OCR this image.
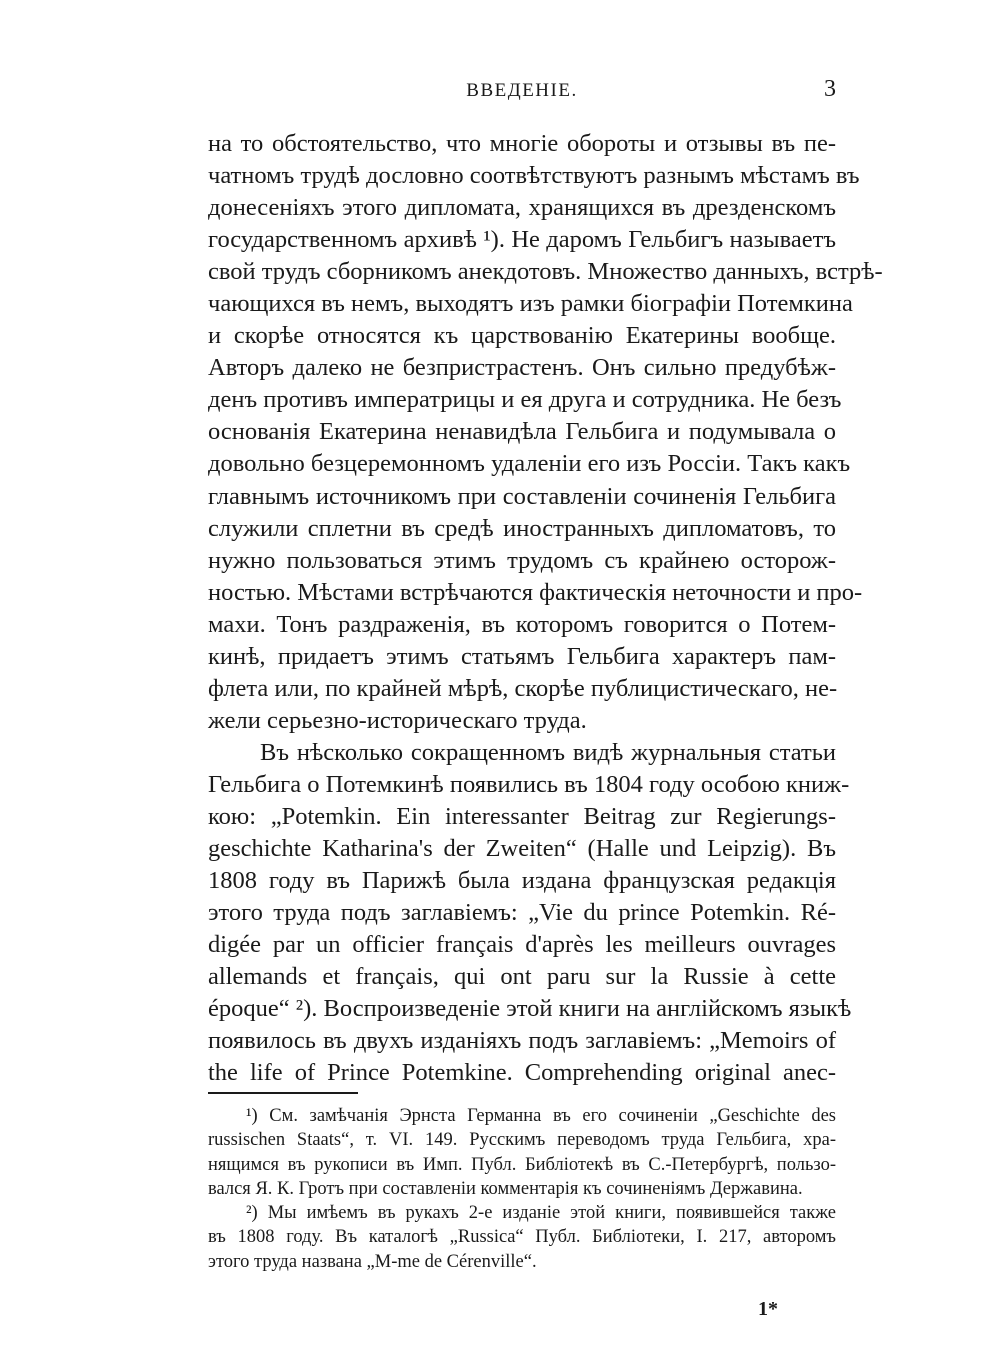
ВВЕДЕНІЕ.	3
на то обстоятельство, что многіе обороты и отзывы въ пе-
чатномъ трудѣ дословно соотвѣтствуютъ разнымъ мѣстамъ въ
донесеніяхъ этого дипломата, хранящихся въ дрезденскомъ
государственномъ архивѣ ¹). Не даромъ Гельбигъ называетъ
свой трудъ сборникомъ анекдотовъ. Множество данныхъ, встрѣ-
чающихся въ немъ, выходятъ изъ рамки біографіи Потемкина
и скорѣе относятся къ царствованію Екатерины вообще.
Авторъ далеко не безпристрастенъ. Онъ сильно предубѣж-
денъ противъ императрицы и ея друга и сотрудника. Не безъ
основанія Екатерина ненавидѣла Гельбига и подумывала о
довольно безцеремонномъ удаленіи его изъ Россіи. Такъ какъ
главнымъ источникомъ при составленіи сочиненія Гельбига
служили сплетни въ средѣ иностранныхъ дипломатовъ, то
нужно пользоваться этимъ трудомъ съ крайнею осторож-
ностью. Мѣстами встрѣчаются фактическія неточности и про-
махи. Тонъ раздраженія, въ которомъ говорится о Потем-
кинѣ, придаетъ этимъ статьямъ Гельбига характеръ пам-
флета или, по крайней мѣрѣ, скорѣе публицистическаго, не-
жели серьезно-историческаго труда.
Въ нѣсколько сокращенномъ видѣ журнальныя статьи
Гельбига о Потемкинѣ появились въ 1804 году особою книж-
кою: „Potemkin. Ein interessanter Beitrag zur Regierungs-
geschichte Katharina's der Zweiten“ (Halle und Leipzig). Въ
1808 году въ Парижѣ была издана французская редакція
этого труда подъ заглавіемъ: „Vie du prince Potemkin. Ré-
digée par un officier français d'après les meilleurs ouvrages
allemands et français, qui ont paru sur la Russie à cette
époque“ ²). Воспроизведеніе этой книги на англійскомъ языкѣ
появилось въ двухъ изданіяхъ подъ заглавіемъ: „Memoirs of
the life of Prince Potemkine. Comprehending original anec-
¹) См. замѣчанія Эрнста Германна въ его сочиненіи „Geschichte des
russischen Staats“, т. VI. 149. Русскимъ переводомъ труда Гельбига, хра-
нящимся въ рукописи въ Имп. Публ. Библіотекѣ въ С.-Петербургѣ, пользо-
вался Я. К. Гротъ при составленіи комментарія къ сочиненіямъ Державина.
²) Мы имѣемъ въ рукахъ 2-е изданіе этой книги, появившейся также
въ 1808 году. Въ каталогѣ „Russica“ Публ. Библіотеки, I. 217, авторомъ
этого труда названа „M-me de Cérenville“.
1*
